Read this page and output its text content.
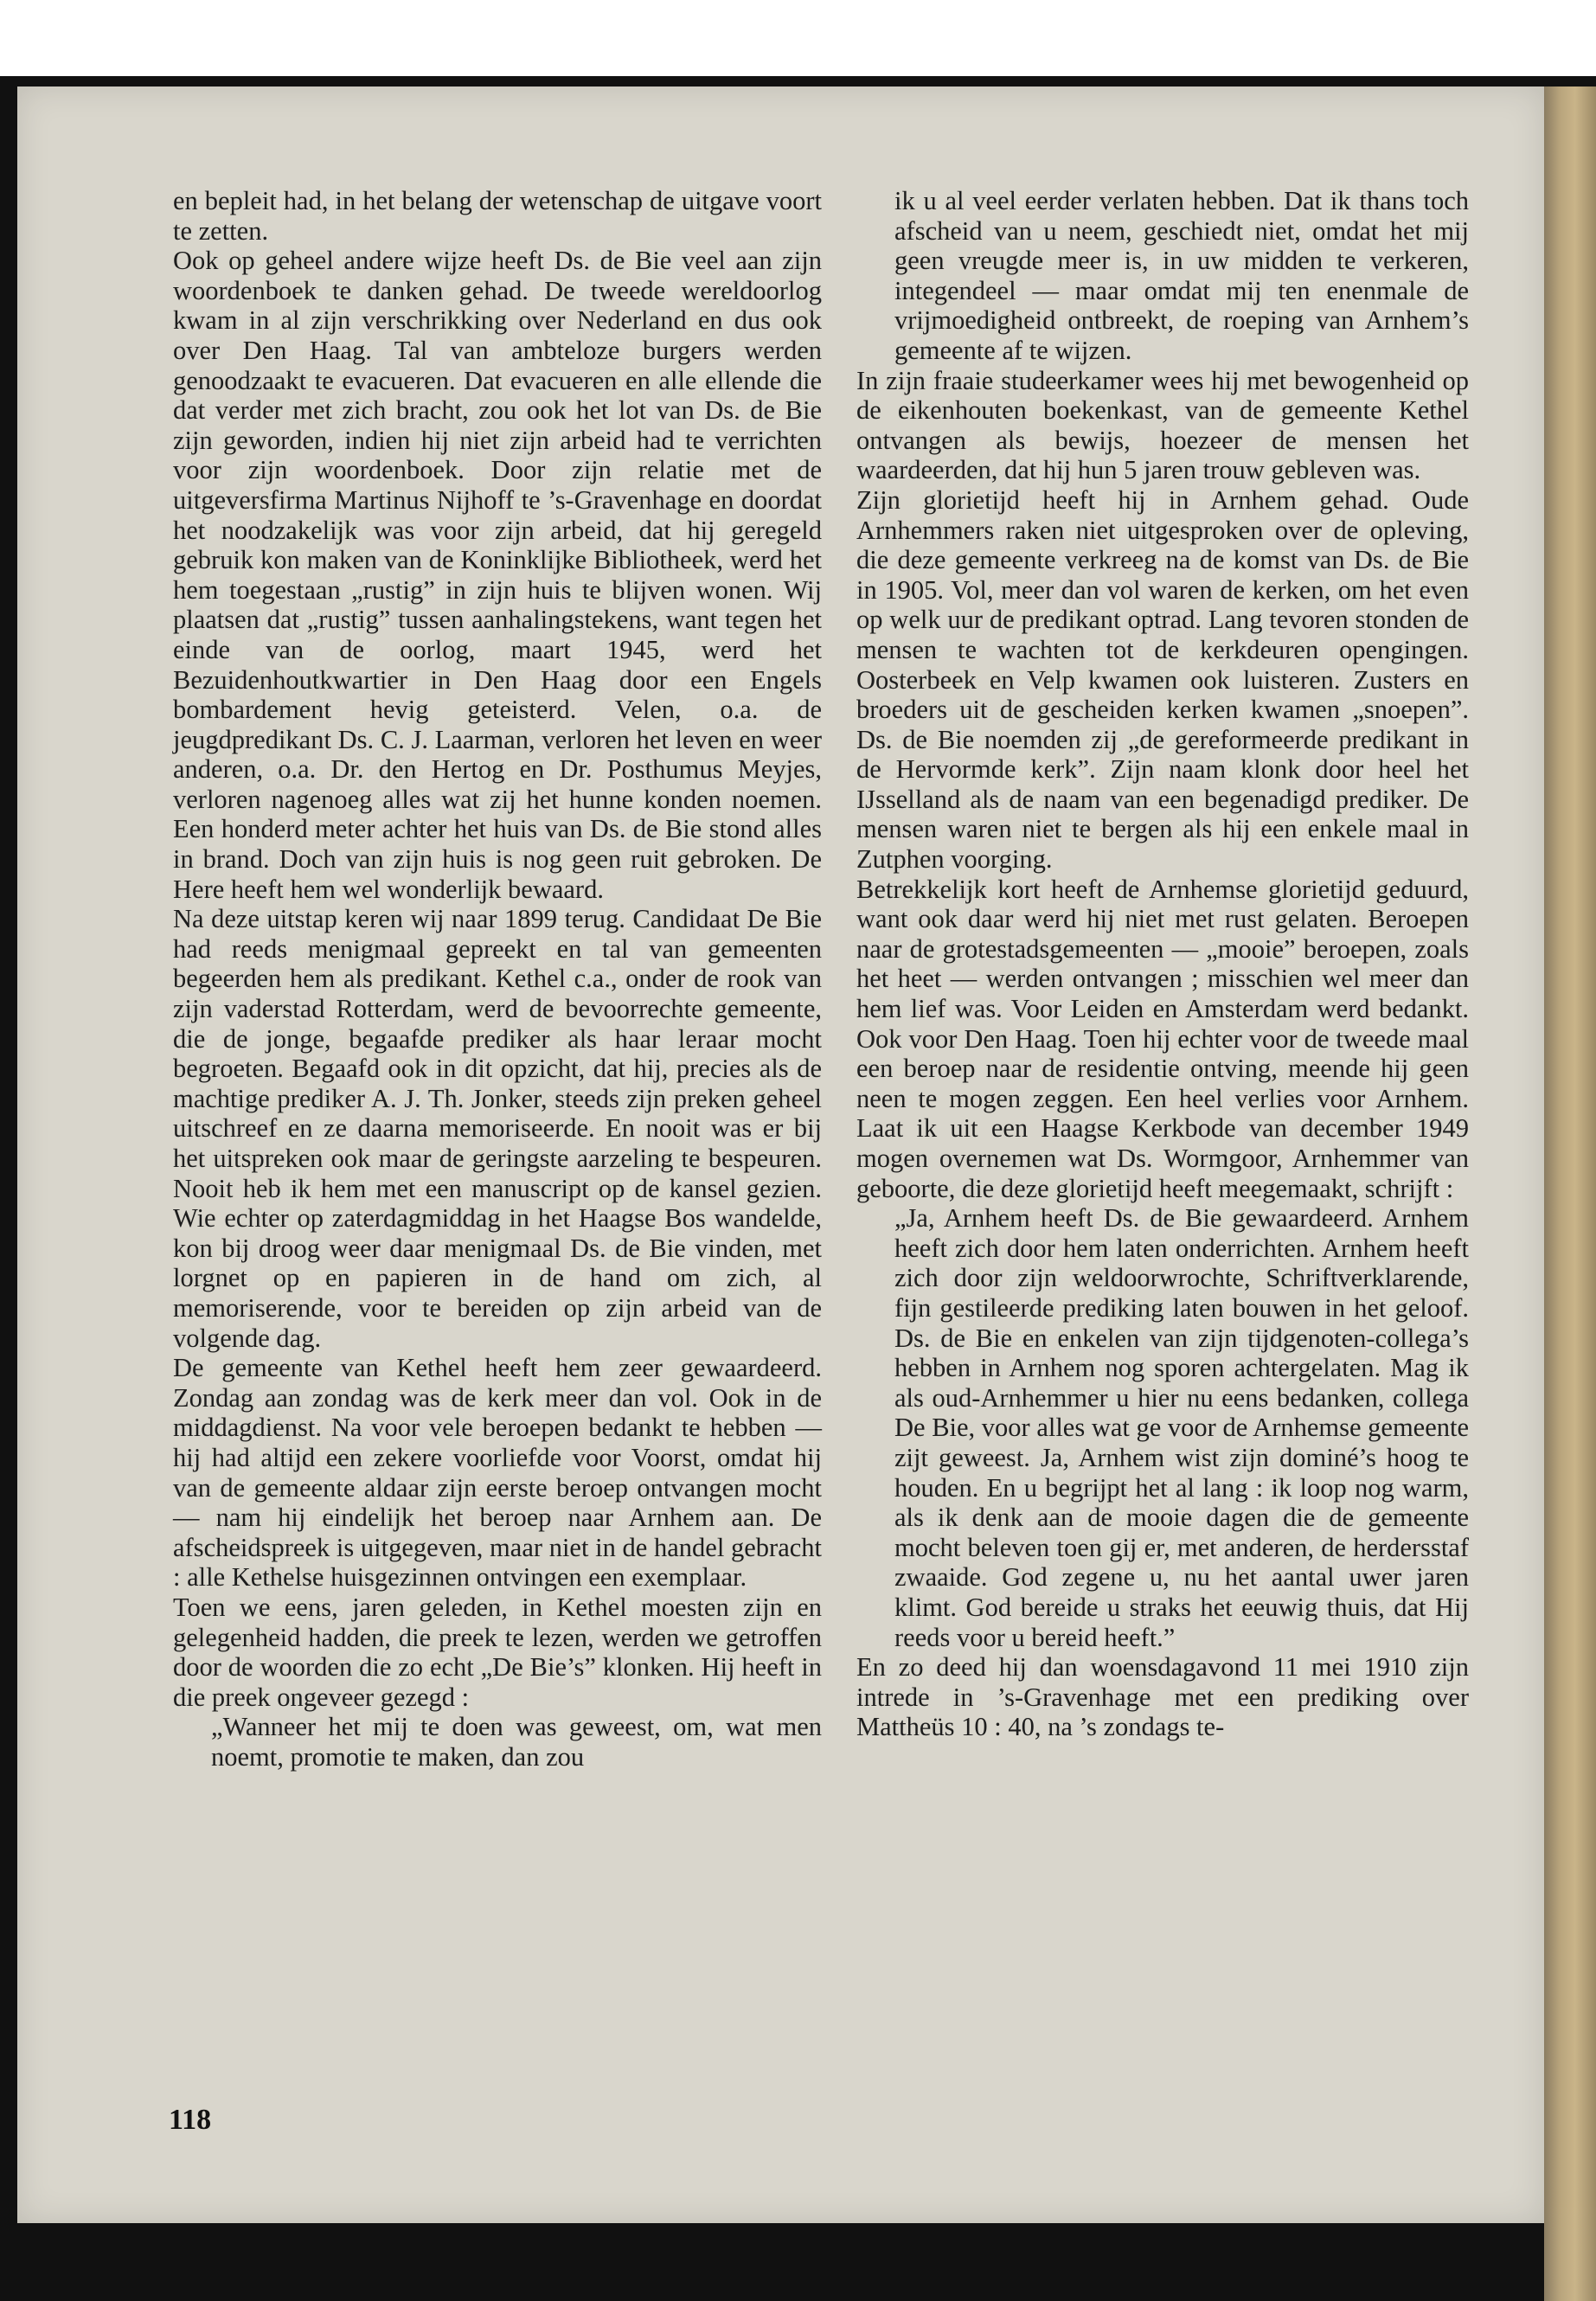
en bepleit had, in het belang der wetenschap de uitgave voort te zetten.

Ook op geheel andere wijze heeft Ds. de Bie veel aan zijn woordenboek te danken gehad. De tweede wereldoorlog kwam in al zijn verschrikking over Nederland en dus ook over Den Haag. Tal van ambteloze burgers werden genoodzaakt te evacueren. Dat evacueren en alle ellende die dat verder met zich bracht, zou ook het lot van Ds. de Bie zijn geworden, indien hij niet zijn arbeid had te verrichten voor zijn woordenboek. Door zijn relatie met de uitgeversfirma Martinus Nijhoff te ’s-Gravenhage en doordat het noodzakelijk was voor zijn arbeid, dat hij geregeld gebruik kon maken van de Koninklijke Bibliotheek, werd het hem toegestaan „rustig” in zijn huis te blijven wonen. Wij plaatsen dat „rustig” tussen aanhalingstekens, want tegen het einde van de oorlog, maart 1945, werd het Bezuidenhoutkwartier in Den Haag door een Engels bombardement hevig geteisterd. Velen, o.a. de jeugdpredikant Ds. C. J. Laarman, verloren het leven en weer anderen, o.a. Dr. den Hertog en Dr. Posthumus Meyjes, verloren nagenoeg alles wat zij het hunne konden noemen. Een honderd meter achter het huis van Ds. de Bie stond alles in brand. Doch van zijn huis is nog geen ruit gebroken. De Here heeft hem wel wonderlijk bewaard.

Na deze uitstap keren wij naar 1899 terug. Candidaat De Bie had reeds menigmaal gepreekt en tal van gemeenten begeerden hem als predikant. Kethel c.a., onder de rook van zijn vaderstad Rotterdam, werd de bevoorrechte gemeente, die de jonge, begaafde prediker als haar leraar mocht begroeten. Begaafd ook in dit opzicht, dat hij, precies als de machtige prediker A. J. Th. Jonker, steeds zijn preken geheel uitschreef en ze daarna memoriseerde. En nooit was er bij het uitspreken ook maar de geringste aarzeling te bespeuren. Nooit heb ik hem met een manuscript op de kansel gezien. Wie echter op zaterdagmiddag in het Haagse Bos wandelde, kon bij droog weer daar menigmaal Ds. de Bie vinden, met lorgnet op en papieren in de hand om zich, al memoriserende, voor te bereiden op zijn arbeid van de volgende dag.

De gemeente van Kethel heeft hem zeer gewaardeerd. Zondag aan zondag was de kerk meer dan vol. Ook in de middagdienst. Na voor vele beroepen bedankt te hebben — hij had altijd een zekere voorliefde voor Voorst, omdat hij van de gemeente aldaar zijn eerste beroep ontvangen mocht — nam hij eindelijk het beroep naar Arnhem aan. De afscheidspreek is uitgegeven, maar niet in de handel gebracht : alle Kethelse huisgezinnen ontvingen een exemplaar.

Toen we eens, jaren geleden, in Kethel moesten zijn en gelegenheid hadden, die preek te lezen, werden we getroffen door de woorden die zo echt „De Bie’s” klonken. Hij heeft in die preek ongeveer gezegd :

„Wanneer het mij te doen was geweest, om, wat men noemt, promotie te maken, dan zou

ik u al veel eerder verlaten hebben. Dat ik thans toch afscheid van u neem, geschiedt niet, omdat het mij geen vreugde meer is, in uw midden te verkeren, integendeel — maar omdat mij ten enenmale de vrijmoedigheid ontbreekt, de roeping van Arnhem’s gemeente af te wijzen.

In zijn fraaie studeerkamer wees hij met bewogenheid op de eikenhouten boekenkast, van de gemeente Kethel ontvangen als bewijs, hoezeer de mensen het waardeerden, dat hij hun 5 jaren trouw gebleven was.

Zijn glorietijd heeft hij in Arnhem gehad. Oude Arnhemmers raken niet uitgesproken over de opleving, die deze gemeente verkreeg na de komst van Ds. de Bie in 1905. Vol, meer dan vol waren de kerken, om het even op welk uur de predikant optrad. Lang tevoren stonden de mensen te wachten tot de kerkdeuren opengingen. Oosterbeek en Velp kwamen ook luisteren. Zusters en broeders uit de gescheiden kerken kwamen „snoepen”. Ds. de Bie noemden zij „de gereformeerde predikant in de Hervormde kerk”. Zijn naam klonk door heel het IJsselland als de naam van een begenadigd prediker. De mensen waren niet te bergen als hij een enkele maal in Zutphen voorging.

Betrekkelijk kort heeft de Arnhemse glorietijd geduurd, want ook daar werd hij niet met rust gelaten. Beroepen naar de grotestadsgemeenten — „mooie” beroepen, zoals het heet — werden ontvangen ; misschien wel meer dan hem lief was. Voor Leiden en Amsterdam werd bedankt. Ook voor Den Haag. Toen hij echter voor de tweede maal een beroep naar de residentie ontving, meende hij geen neen te mogen zeggen. Een heel verlies voor Arnhem. Laat ik uit een Haagse Kerkbode van december 1949 mogen overnemen wat Ds. Wormgoor, Arnhemmer van geboorte, die deze glorietijd heeft meegemaakt, schrijft :

„Ja, Arnhem heeft Ds. de Bie gewaardeerd. Arnhem heeft zich door hem laten onderrichten. Arnhem heeft zich door zijn weldoorwrochte, Schriftverklarende, fijn gestileerde prediking laten bouwen in het geloof. Ds. de Bie en enkelen van zijn tijdgenoten-collega’s hebben in Arnhem nog sporen achtergelaten. Mag ik als oud-Arnhemmer u hier nu eens bedanken, collega De Bie, voor alles wat ge voor de Arnhemse gemeente zijt geweest. Ja, Arnhem wist zijn dominé’s hoog te houden. En u begrijpt het al lang : ik loop nog warm, als ik denk aan de mooie dagen die de gemeente mocht beleven toen gij er, met anderen, de herdersstaf zwaaide. God zegene u, nu het aantal uwer jaren klimt. God bereide u straks het eeuwig thuis, dat Hij reeds voor u bereid heeft.”

En zo deed hij dan woensdagavond 11 mei 1910 zijn intrede in ’s-Gravenhage met een prediking over Mattheüs 10 : 40, na ’s zondags te-

118
